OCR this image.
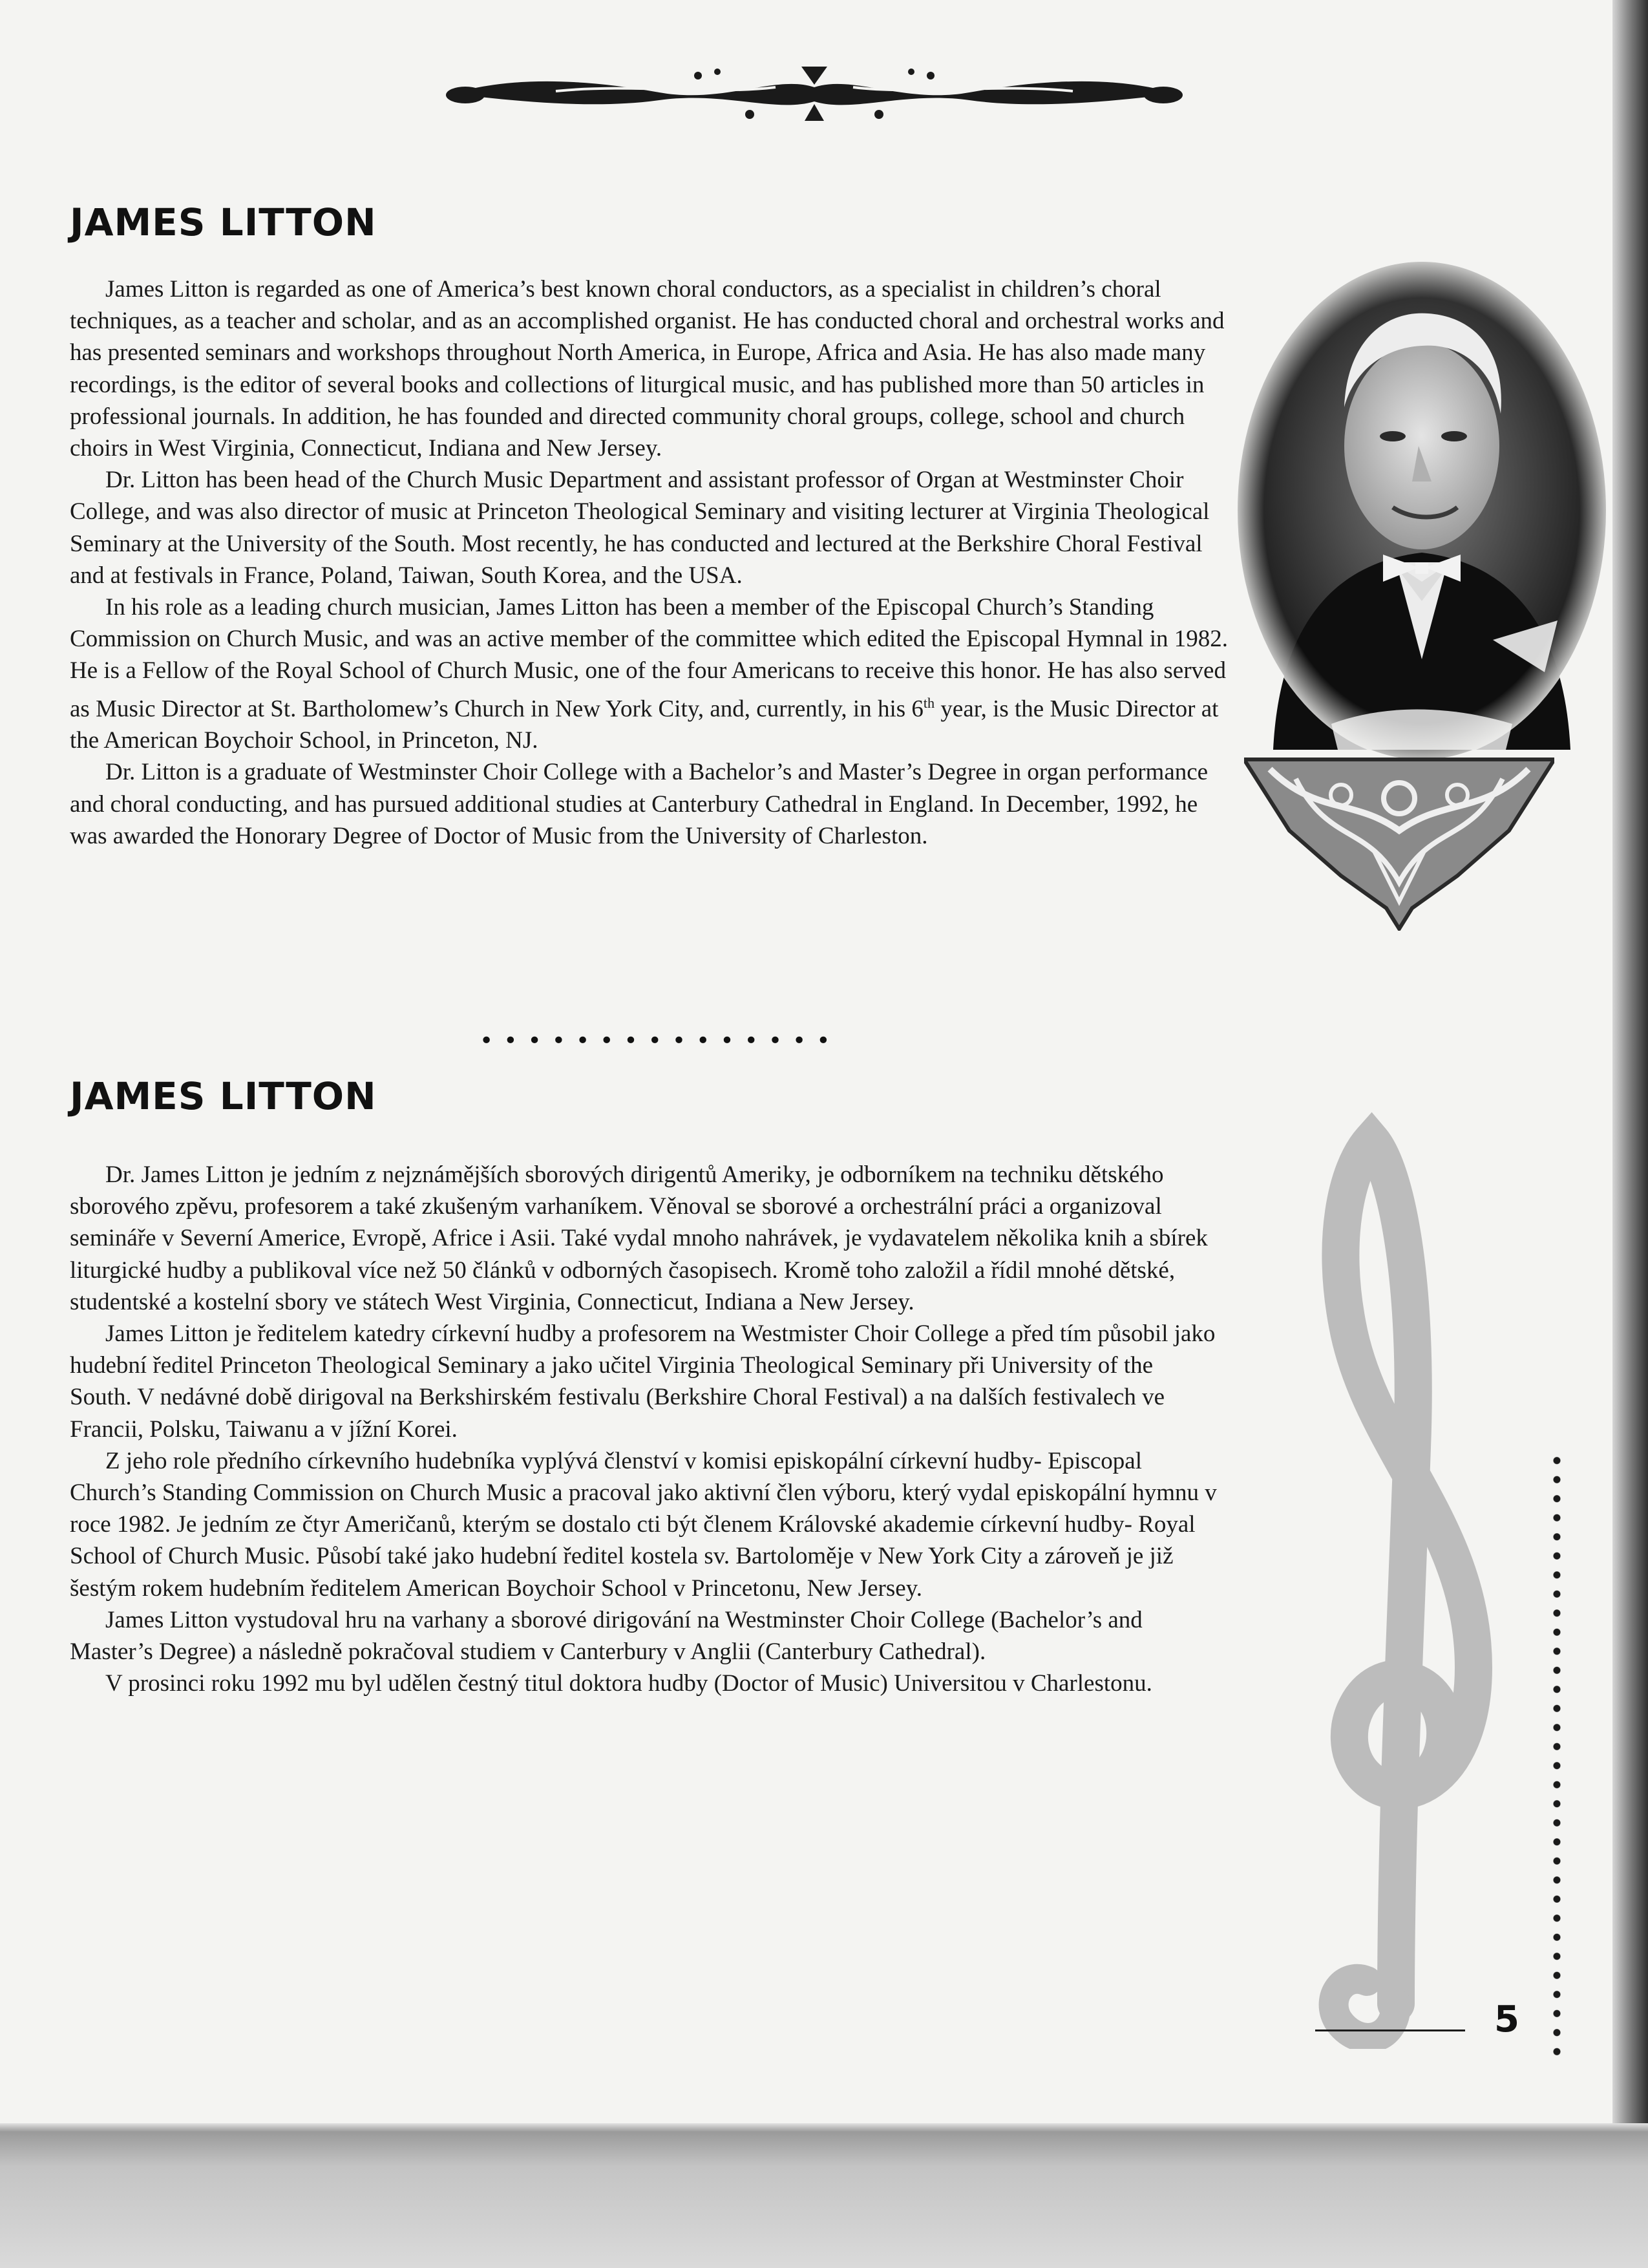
JAMES LITTON

James Litton is regarded as one of America’s best known choral conductors, as a specialist in children’s choral techniques, as a teacher and scholar, and as an accomplished organist. He has conducted choral and orchestral works and has presented seminars and workshops throughout North America, in Europe, Africa and Asia. He has also made many recordings, is the editor of several books and collections of liturgical music, and has published more than 50 articles in professional journals. In addition, he has founded and directed community choral groups, college, school and church choirs in West Virginia, Connecticut, Indiana and New Jersey.

Dr. Litton has been head of the Church Music Department and assistant professor of Organ at Westminster Choir College, and was also director of music at Princeton Theological Seminary and visiting lecturer at Virginia Theological Seminary at the University of the South. Most recently, he has conducted and lectured at the Berkshire Choral Festival and at festivals in France, Poland, Taiwan, South Korea, and the USA.

In his role as a leading church musician, James Litton has been a member of the Episcopal Church’s Standing Commission on Church Music, and was an active member of the committee which edited the Episcopal Hymnal in 1982. He is a Fellow of the Royal School of Church Music, one of the four Americans to receive this honor. He has also served as Music Director at St. Bartholomew’s Church in New York City, and, currently, in his 6th year, is the Music Director at the American Boychoir School, in Princeton, NJ.

Dr. Litton is a graduate of Westminster Choir College with a Bachelor’s and Master’s Degree in organ performance and choral conducting, and has pursued additional studies at Canterbury Cathedral in England. In December, 1992, he was awarded the Honorary Degree of Doctor of Music from the University of Charleston.

•••••••••••••••

JAMES LITTON

Dr. James Litton je jedním z nejznámějších sborových dirigentů Ameriky, je odborníkem na techniku dětského sborového zpěvu, profesorem a také zkušeným varhaníkem. Věnoval se sborové a orchestrální práci a organizoval semináře v Severní Americe, Evropě, Africe i Asii. Také vydal mnoho nahrávek, je vydavatelem několika knih a sbírek liturgické hudby a publikoval více než 50 článků v odborných časopisech. Kromě toho založil a řídil mnohé dětské, studentské a kostelní sbory ve státech West Virginia, Connecticut, Indiana a New Jersey.

James Litton je ředitelem katedry církevní hudby a profesorem na Westmister Choir College a před tím působil jako hudební ředitel Princeton Theological Seminary a jako učitel Virginia Theological Seminary při University of the South. V nedávné době dirigoval na Berkshirském festivalu (Berkshire Choral Festival) a na dalších festivalech ve Francii, Polsku, Taiwanu a v jížní Korei.

Z jeho role předního církevního hudebníka vyplývá členství v komisi episkopální církevní hudby- Episcopal Church’s Standing Commission on Church Music a pracoval jako aktivní člen výboru, který vydal episkopální hymnu v roce 1982. Je jedním ze čtyr Američanů, kterým se dostalo cti být členem Královské akademie církevní hudby- Royal School of Church Music. Působí také jako hudební ředitel kostela sv. Bartoloměje v New York City a zároveň je již šestým rokem hudebním ředitelem American Boychoir School v Princetonu, New Jersey.

James Litton vystudoval hru na varhany a sborové dirigování na Westminster Choir College (Bachelor’s and Master’s Degree) a následně pokračoval studiem v Canterbury v Anglii (Canterbury Cathedral).

V prosinci roku 1992 mu byl udělen čestný titul doktora hudby (Doctor of Music) Universitou v Charlestonu.

5
